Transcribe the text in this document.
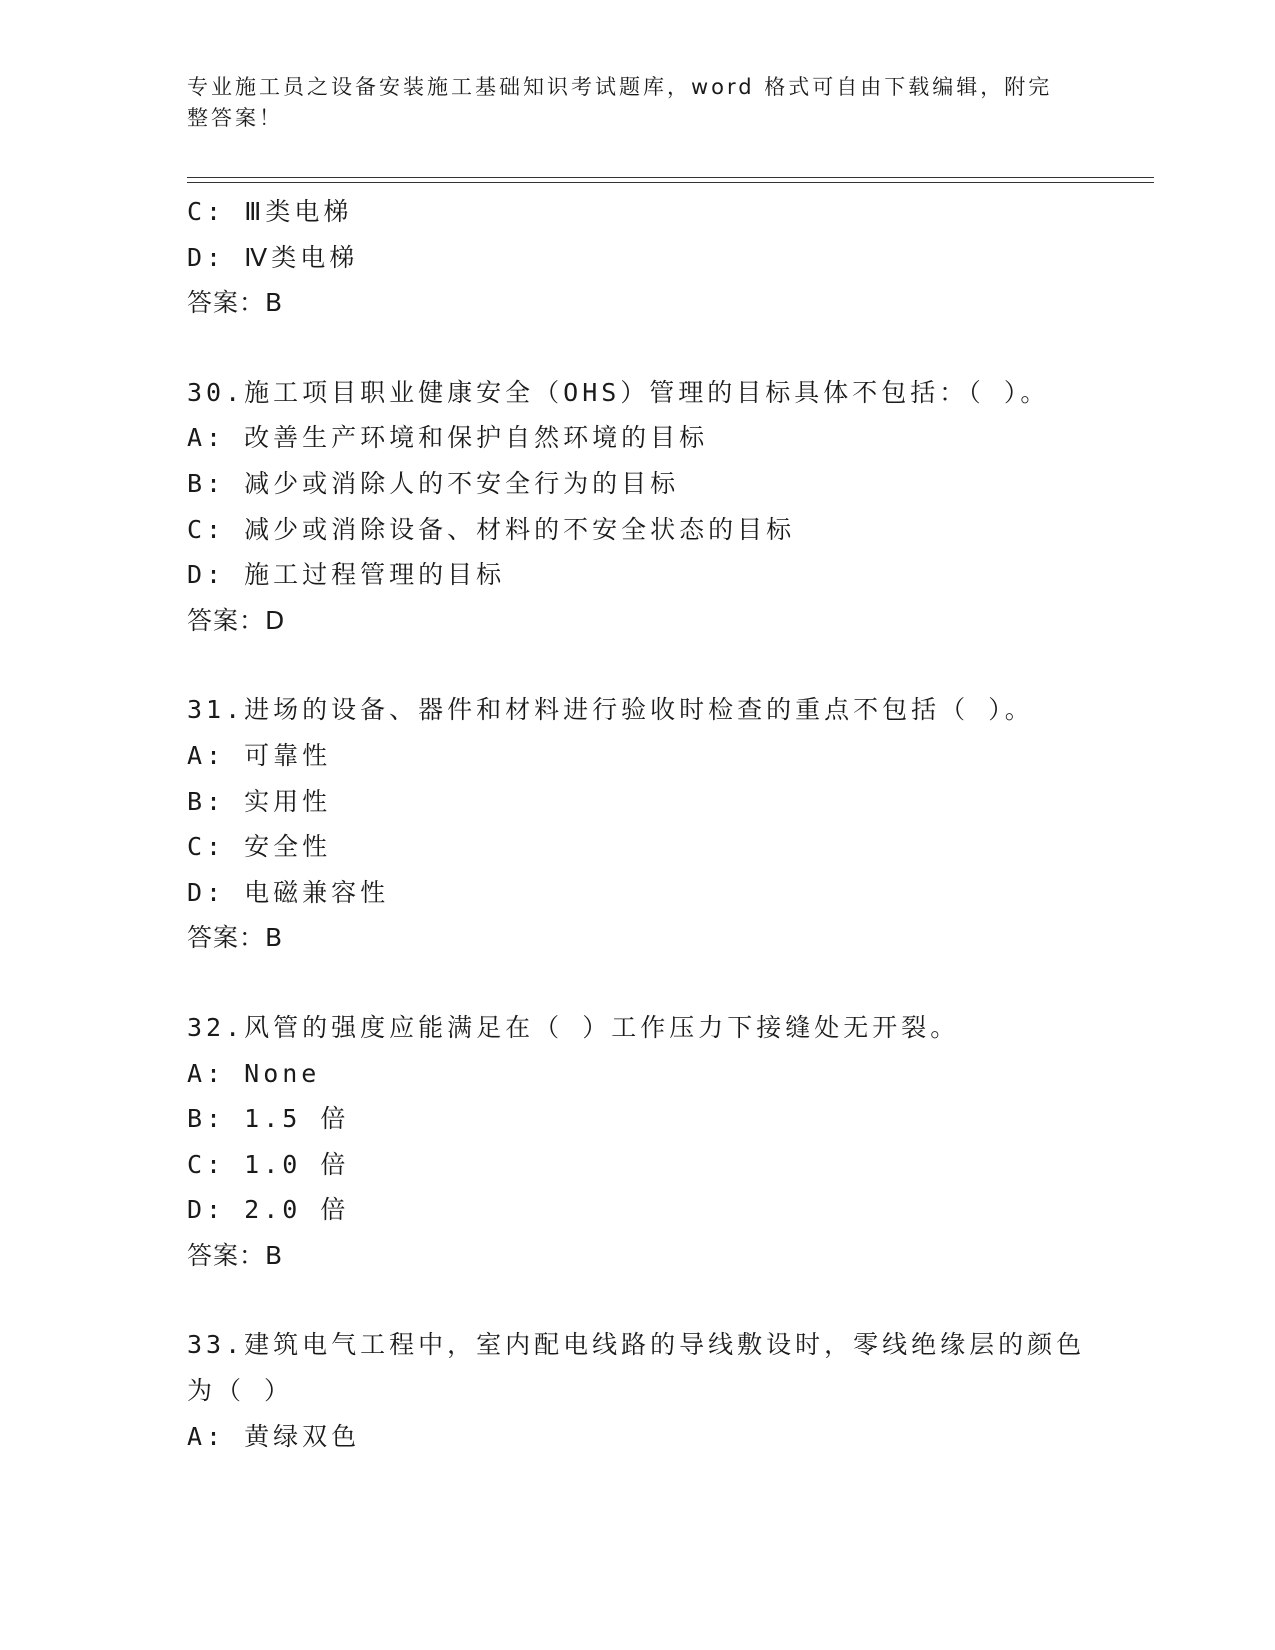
专业施工员之设备安装施工基础知识考试题库，word 格式可自由下载编辑，附完
整答案！
C: Ⅲ类电梯
D: Ⅳ类电梯
答案：B
30.施工项目职业健康安全（OHS）管理的目标具体不包括：（ ）。
A: 改善生产环境和保护自然环境的目标
B: 减少或消除人的不安全行为的目标
C: 减少或消除设备、材料的不安全状态的目标
D: 施工过程管理的目标
答案：D
31.进场的设备、器件和材料进行验收时检查的重点不包括（ ）。
A: 可靠性
B: 实用性
C: 安全性
D: 电磁兼容性
答案：B
32.风管的强度应能满足在（ ）工作压力下接缝处无开裂。
A: None
B: 1.5 倍
C: 1.0 倍
D: 2.0 倍
答案：B
33.建筑电气工程中，室内配电线路的导线敷设时，零线绝缘层的颜色
为（ ）
A: 黄绿双色
